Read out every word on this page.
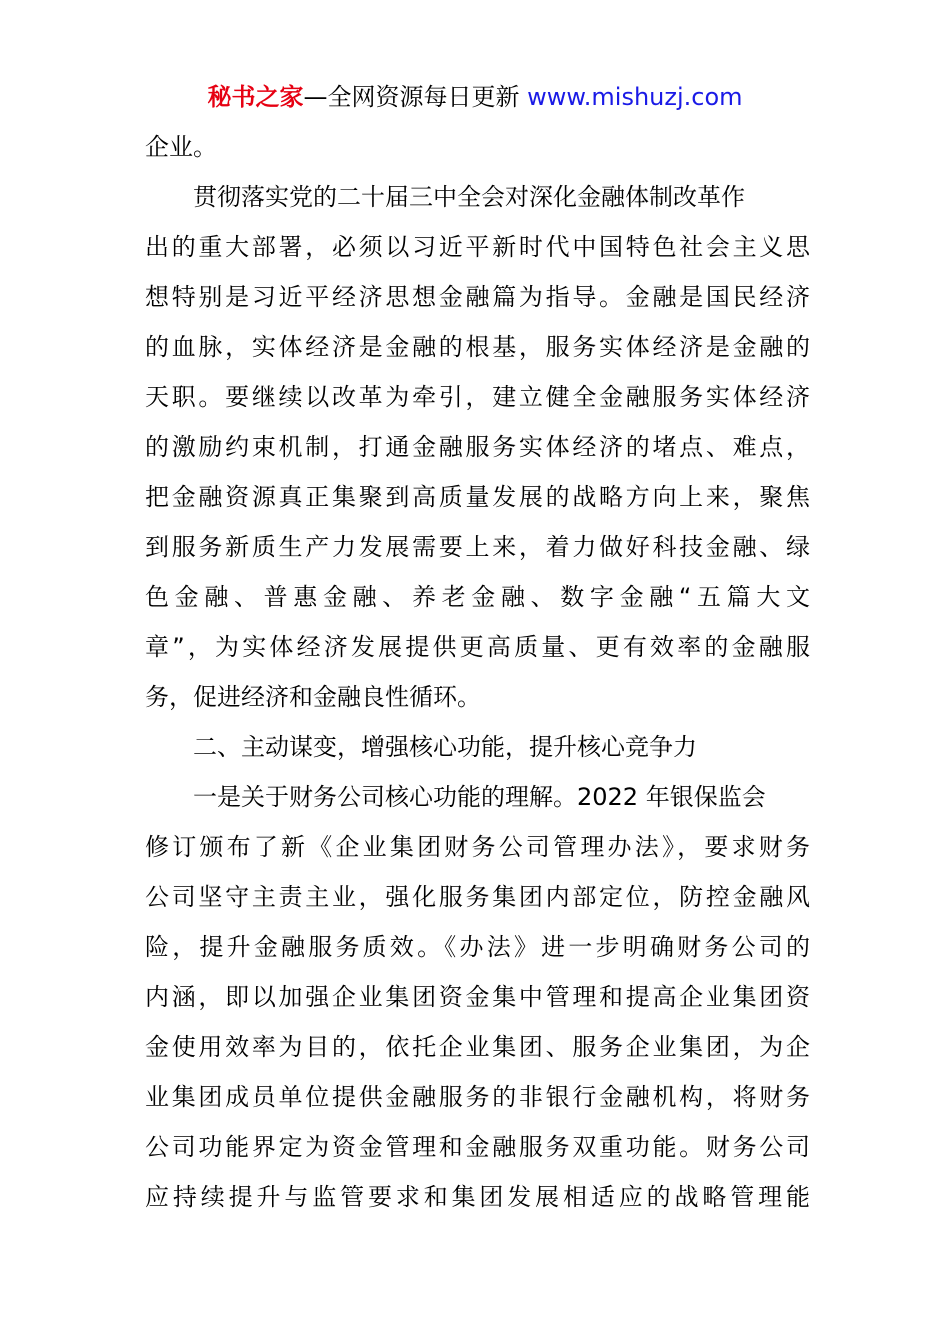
秘书之家—全网资源每日更新 www.mishuzj.com
企业。
贯彻落实党的二十届三中全会对深化金融体制改革作
出的重大部署，必须以习近平新时代中国特色社会主义思
想特别是习近平经济思想金融篇为指导。金融是国民经济
的血脉，实体经济是金融的根基，服务实体经济是金融的
天职。要继续以改革为牵引，建立健全金融服务实体经济
的激励约束机制，打通金融服务实体经济的堵点、难点，
把金融资源真正集聚到高质量发展的战略方向上来，聚焦
到服务新质生产力发展需要上来，着力做好科技金融、绿
色金融、普惠金融、养老金融、数字金融“五篇大文
章”，为实体经济发展提供更高质量、更有效率的金融服
务，促进经济和金融良性循环。
二、主动谋变，增强核心功能，提升核心竞争力
一是关于财务公司核心功能的理解。2022 年银保监会
修订颁布了新《企业集团财务公司管理办法》，要求财务
公司坚守主责主业，强化服务集团内部定位，防控金融风
险，提升金融服务质效。《办法》进一步明确财务公司的
内涵，即以加强企业集团资金集中管理和提高企业集团资
金使用效率为目的，依托企业集团、服务企业集团，为企
业集团成员单位提供金融服务的非银行金融机构，将财务
公司功能界定为资金管理和金融服务双重功能。财务公司
应持续提升与监管要求和集团发展相适应的战略管理能
